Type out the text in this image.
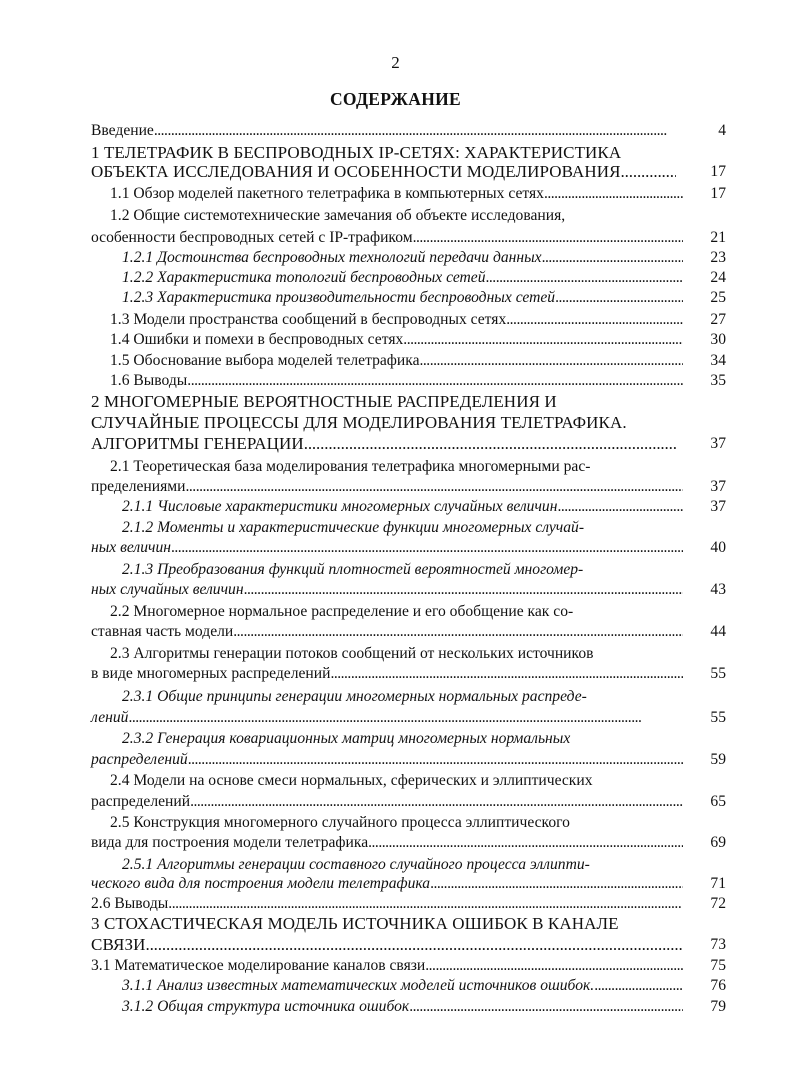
2
СОДЕРЖАНИЕ
Введение . . .	4
1 ТЕЛЕТРАФИК В БЕСПРОВОДНЫХ IP-СЕТЯХ: ХАРАКТЕРИСТИКА
ОБЪЕКТА ИССЛЕДОВАНИЯ И ОСОБЕННОСТИ МОДЕЛИРОВАНИЯ . . .	17
1.1 Обзор моделей пакетного телетрафика в компьютерных сетях . . .	17
1.2 Общие системотехнические замечания об объекте исследования,
особенности беспроводных сетей с IP-трафиком . . .	21
1.2.1 Достоинства беспроводных технологий передачи данных . . .	23
1.2.2 Характеристика топологий беспроводных сетей . . .	24
1.2.3 Характеристика производительности беспроводных сетей . . .	25
1.3 Модели пространства сообщений в беспроводных сетях . . .	27
1.4 Ошибки и помехи в беспроводных сетях . . .	30
1.5 Обоснование выбора моделей телетрафика . . .	34
1.6 Выводы . . .	35
2 МНОГОМЕРНЫЕ ВЕРОЯТНОСТНЫЕ РАСПРЕДЕЛЕНИЯ И
СЛУЧАЙНЫЕ ПРОЦЕССЫ ДЛЯ МОДЕЛИРОВАНИЯ ТЕЛЕТРАФИКА.
АЛГОРИТМЫ ГЕНЕРАЦИИ . . .	37
2.1 Теоретическая база моделирования телетрафика многомерными рас-
пределениями . . .	37
2.1.1 Числовые характеристики многомерных случайных величин . . .	37
2.1.2 Моменты и характеристические функции многомерных случай-
ных величин . . .	40
2.1.3 Преобразования функций плотностей вероятностей многомер-
ных случайных величин . . .	43
2.2 Многомерное нормальное распределение и его обобщение как со-
ставная часть модели . . .	44
2.3 Алгоритмы генерации потоков сообщений от нескольких источников
в виде многомерных распределений . . .	55
2.3.1 Общие принципы генерации многомерных нормальных распреде-
лений . . .	55
2.3.2 Генерация ковариационных матриц многомерных нормальных
распределений . . .	59
2.4 Модели на основе смеси нормальных, сферических и эллиптических
распределений . . .	65
2.5 Конструкция многомерного случайного процесса эллиптического
вида для построения модели телетрафика . . .	69
2.5.1 Алгоритмы генерации составного случайного процесса эллипти-
ческого вида для построения модели телетрафика . . .	71
2.6 Выводы . . .	72
3 СТОХАСТИЧЕСКАЯ МОДЕЛЬ ИСТОЧНИКА ОШИБОК В КАНАЛЕ
СВЯЗИ . . .	73
3.1 Математическое моделирование каналов связи . . .	75
3.1.1 Анализ известных математических моделей источников ошибок. . . .	76
3.1.2 Общая структура источника ошибок . . .	79
